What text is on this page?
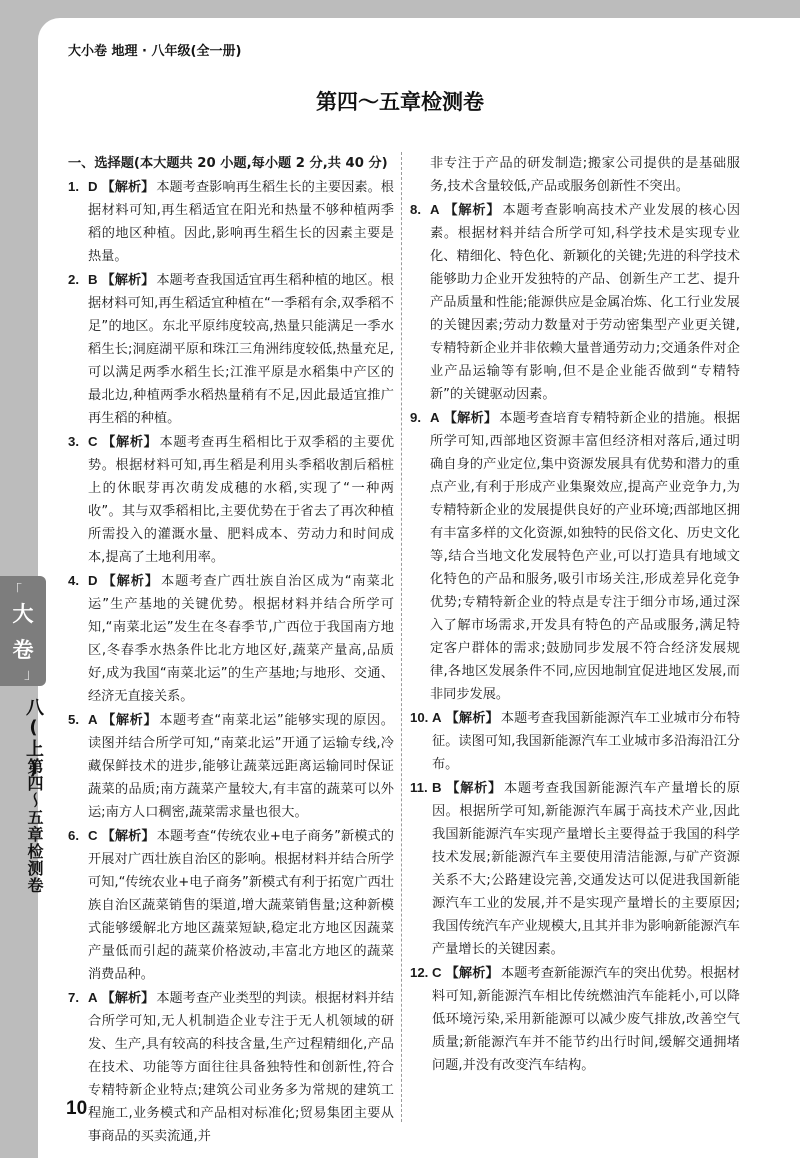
大小卷 地理 · 八年级(全一册)
第四～五章检测卷
一、选择题(本大题共 20 小题,每小题 2 分,共 40 分)
1. D 【解析】 本题考查影响再生稻生长的主要因素。根据材料可知,再生稻适宜在阳光和热量不够种植两季稻的地区种植。因此,影响再生稻生长的因素主要是热量。
2. B 【解析】 本题考查我国适宜再生稻种植的地区。根据材料可知,再生稻适宜种植在“一季稻有余,双季稻不足”的地区。东北平原纬度较高,热量只能满足一季水稻生长;洞庭湖平原和珠江三角洲纬度较低,热量充足,可以满足两季水稻生长;江淮平原是水稻集中产区的最北边,种植两季水稻热量稍有不足,因此最适宜推广再生稻的种植。
3. C 【解析】 本题考查再生稻相比于双季稻的主要优势。根据材料可知,再生稻是利用头季稻收割后稻桩上的休眠芽再次萌发成穗的水稻,实现了“一种两收”。其与双季稻相比,主要优势在于省去了再次种植所需投入的灌溉水量、肥料成本、劳动力和时间成本,提高了土地利用率。
4. D 【解析】 本题考查广西壮族自治区成为“南菜北运”生产基地的关键优势。根据材料并结合所学可知,“南菜北运”发生在冬春季节,广西位于我国南方地区,冬春季水热条件比北方地区好,蔬菜产量高,品质好,成为我国“南菜北运”的生产基地;与地形、交通、经济无直接关系。
5. A 【解析】 本题考查“南菜北运”能够实现的原因。读图并结合所学可知,“南菜北运”开通了运输专线,冷藏保鲜技术的进步,能够让蔬菜远距离运输同时保证蔬菜的品质;南方蔬菜产量较大,有丰富的蔬菜可以外运;南方人口稠密,蔬菜需求量也很大。
6. C 【解析】 本题考查“传统农业+电子商务”新模式的开展对广西壮族自治区的影响。根据材料并结合所学可知,“传统农业+电子商务”新模式有利于拓宽广西壮族自治区蔬菜销售的渠道,增大蔬菜销售量;这种新模式能够缓解北方地区蔬菜短缺,稳定北方地区因蔬菜产量低而引起的蔬菜价格波动,丰富北方地区的蔬菜消费品种。
7. A 【解析】 本题考查产业类型的判读。根据材料并结合所学可知,无人机制造企业专注于无人机领域的研发、生产,具有较高的科技含量,生产过程精细化,产品在技术、功能等方面往往具备独特性和创新性,符合专精特新企业特点;建筑公司业务多为常规的建筑工程施工,业务模式和产品相对标准化;贸易集团主要从事商品的买卖流通,并
非专注于产品的研发制造;搬家公司提供的是基础服务,技术含量较低,产品或服务创新性不突出。
8. A 【解析】 本题考查影响高技术产业发展的核心因素。根据材料并结合所学可知,科学技术是实现专业化、精细化、特色化、新颖化的关键;先进的科学技术能够助力企业开发独特的产品、创新生产工艺、提升产品质量和性能;能源供应是金属冶炼、化工行业发展的关键因素;劳动力数量对于劳动密集型产业更关键,专精特新企业并非依赖大量普通劳动力;交通条件对企业产品运输等有影响,但不是企业能否做到“专精特新”的关键驱动因素。
9. A 【解析】 本题考查培育专精特新企业的措施。根据所学可知,西部地区资源丰富但经济相对落后,通过明确自身的产业定位,集中资源发展具有优势和潜力的重点产业,有利于形成产业集聚效应,提高产业竞争力,为专精特新企业的发展提供良好的产业环境;西部地区拥有丰富多样的文化资源,如独特的民俗文化、历史文化等,结合当地文化发展特色产业,可以打造具有地域文化特色的产品和服务,吸引市场关注,形成差异化竞争优势;专精特新企业的特点是专注于细分市场,通过深入了解市场需求,开发具有特色的产品或服务,满足特定客户群体的需求;鼓励同步发展不符合经济发展规律,各地区发展条件不同,应因地制宜促进地区发展,而非同步发展。
10. A 【解析】 本题考查我国新能源汽车工业城市分布特征。读图可知,我国新能源汽车工业城市多沿海沿江分布。
11. B 【解析】 本题考查我国新能源汽车产量增长的原因。根据所学可知,新能源汽车属于高技术产业,因此我国新能源汽车实现产量增长主要得益于我国的科学技术发展;新能源汽车主要使用清洁能源,与矿产资源关系不大;公路建设完善,交通发达可以促进我国新能源汽车工业的发展,并不是实现产量增长的主要原因;我国传统汽车产业规模大,且其并非为影响新能源汽车产量增长的关键因素。
12. C 【解析】 本题考查新能源汽车的突出优势。根据材料可知,新能源汽车相比传统燃油汽车能耗小,可以降低环境污染,采用新能源可以减少废气排放,改善空气质量;新能源汽车并不能节约出行时间,缓解交通拥堵问题,并没有改变汽车结构。
「
大
卷
」
八(上)
第四～五章检测卷
10
